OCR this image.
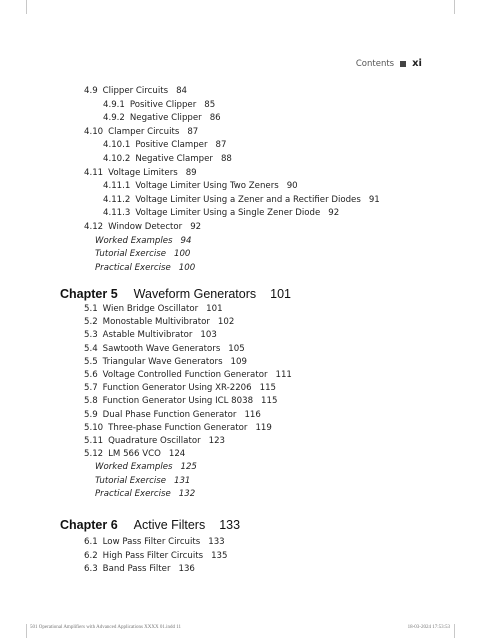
Contents xi
Chapter 5 Waveform Generators 101
Chapter 6 Active Filters 133
4.9 Clipper Circuits 84
4.9.1 Positive Clipper 85
4.9.2 Negative Clipper 86
4.10 Clamper Circuits 87
4.10.1 Positive Clamper 87
4.10.2 Negative Clamper 88
4.11 Voltage Limiters 89
4.11.1 Voltage Limiter Using Two Zeners 90
4.11.2 Voltage Limiter Using a Zener and a Rectifier Diodes 91
4.11.3 Voltage Limiter Using a Single Zener Diode 92
4.12 Window Detector 92
Worked Examples 94
Tutorial Exercise 100
Practical Exercise 100
5.1 Wien Bridge Oscillator 101
5.2 Monostable Multivibrator 102
5.3 Astable Multivibrator 103
5.4 Sawtooth Wave Generators 105
5.5 Triangular Wave Generators 109
5.6 Voltage Controlled Function Generator 111
5.7 Function Generator Using XR-2206 115
5.8 Function Generator Using ICL 8038 115
5.9 Dual Phase Function Generator 116
5.10 Three-phase Function Generator 119
5.11 Quadrature Oscillator 123
5.12 LM 566 VCO 124
Worked Examples 125
Tutorial Exercise 131
Practical Exercise 132
6.1 Low Pass Filter Circuits 133
6.2 High Pass Filter Circuits 135
6.3 Band Pass Filter 136
501 Operational Amplifiers with Advanced Applications XXXX 01.indd 11	18-03-2024 17:53:53
